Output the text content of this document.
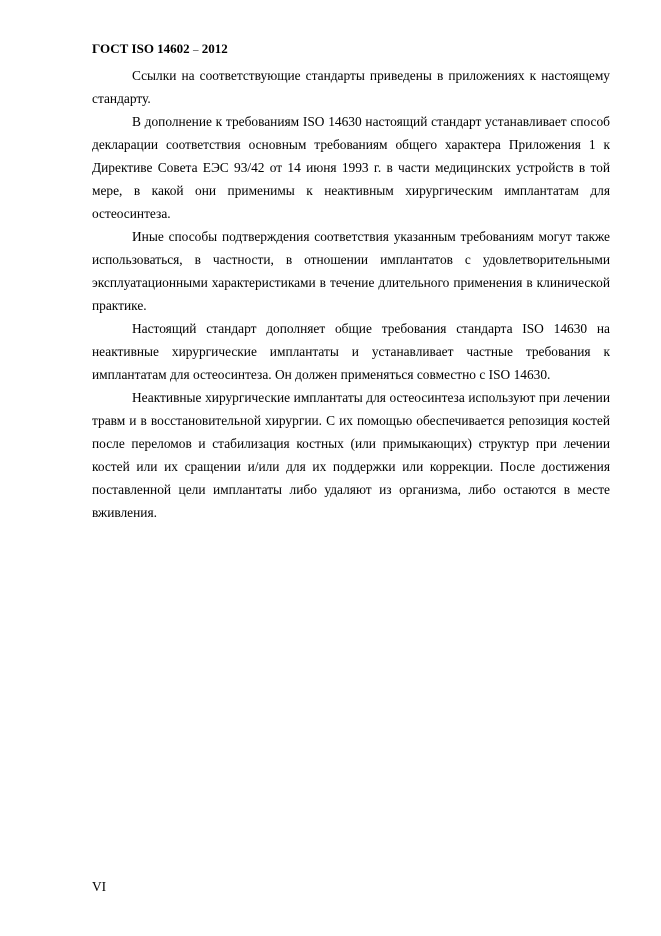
ГОСТ ISO 14602 – 2012

Ссылки на соответствующие стандарты приведены в приложениях к настоящему стандарту.

В дополнение к требованиям ISO 14630 настоящий стандарт устанавливает способ декларации соответствия основным требованиям общего характера Приложения 1 к Директиве Совета ЕЭС 93/42 от 14 июня 1993 г. в части медицинских устройств в той мере, в какой они применимы к неактивным хирургическим имплантатам для остеосинтеза.

Иные способы подтверждения соответствия указанным требованиям могут также использоваться, в частности, в отношении имплантатов с удовлетворительными эксплуатационными характеристиками в течение длительного применения в клинической практике.

Настоящий стандарт дополняет общие требования стандарта ISO 14630 на неактивные хирургические имплантаты и устанавливает частные требования к имплантатам для остеосинтеза. Он должен применяться совместно с ISO 14630.

Неактивные хирургические имплантаты для остеосинтеза используют при лечении травм и в восстановительной хирургии. С их помощью обеспечивается репозиция костей после переломов и стабилизация костных (или примыкающих) структур при лечении костей или их сращении и/или для их поддержки или коррекции. После достижения поставленной цели имплантаты либо удаляют из организма, либо остаются в месте вживления.

VI
